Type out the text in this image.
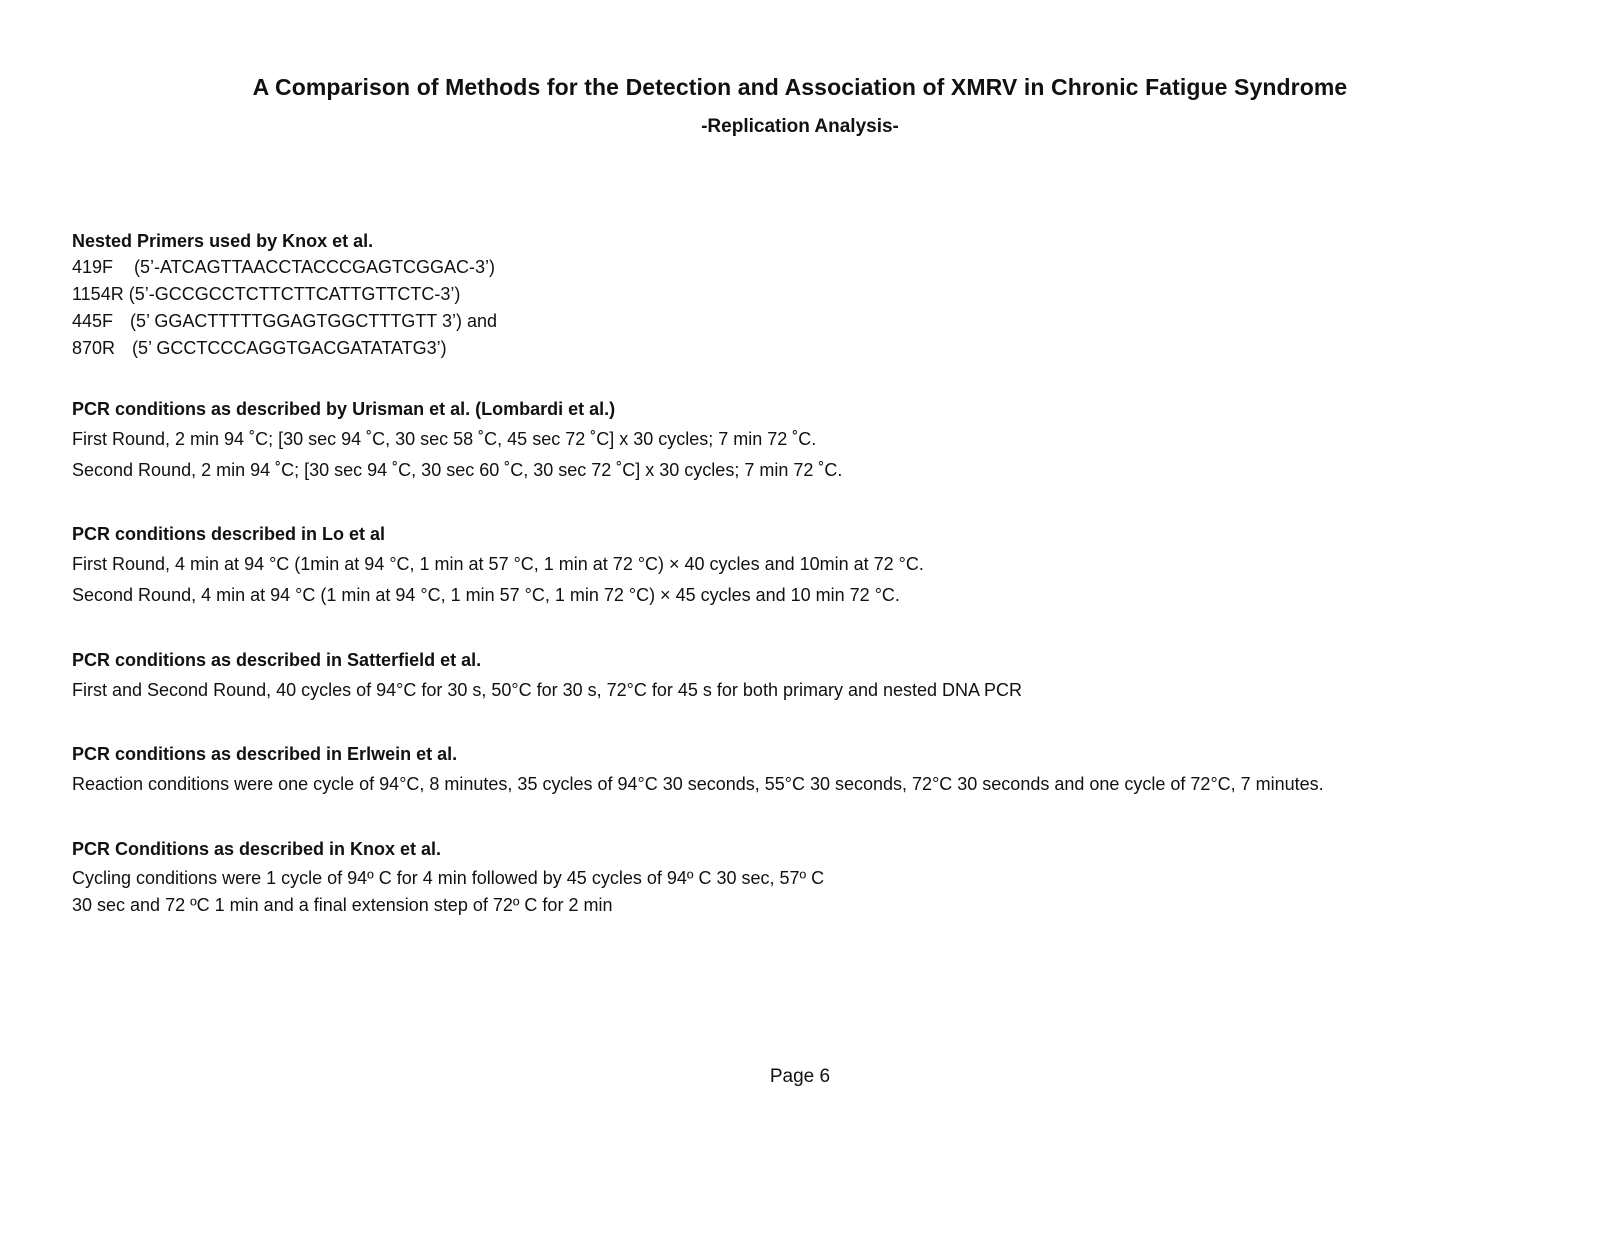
A Comparison of Methods for the Detection and Association of XMRV in Chronic Fatigue Syndrome
-Replication Analysis-
Nested Primers used by Knox et al.
419F (5’-ATCAGTTAACCTACCCGAGTCGGAC-3’)
1154R (5’-GCCGCCTCTTCTTCATTGTTCTC-3’)
445F (5’ GGACTTTTTGGAGTGGCTTTGTT 3’) and
870R (5’ GCCTCCCAGGTGACGATATATG3’)
PCR conditions as described by Urisman et al. (Lombardi et al.)
First Round, 2 min 94 ˚C; [30 sec 94 ˚C, 30 sec 58 ˚C, 45 sec 72 ˚C] x 30 cycles; 7 min 72 ˚C.
Second Round, 2 min 94 ˚C; [30 sec 94 ˚C, 30 sec 60 ˚C, 30 sec 72 ˚C] x 30 cycles; 7 min 72 ˚C.
PCR conditions described in Lo et al
First Round, 4 min at 94 °C (1min at 94 °C, 1 min at 57 °C, 1 min at 72 °C) × 40 cycles and 10min at 72 °C.
Second Round, 4 min at 94 °C (1 min at 94 °C, 1 min 57 °C, 1 min 72 °C) × 45 cycles and 10 min 72 °C.
PCR conditions as described in Satterfield et al.
First and Second Round, 40 cycles of 94°C for 30 s, 50°C for 30 s, 72°C for 45 s for both primary and nested DNA PCR
PCR conditions as described in Erlwein et al.
Reaction conditions were one cycle of 94°C, 8 minutes, 35 cycles of 94°C 30 seconds, 55°C 30 seconds, 72°C 30 seconds and one cycle of 72°C, 7 minutes.
PCR Conditions as described in Knox et al.
Cycling conditions were 1 cycle of 94º C for 4 min followed by 45 cycles of 94º C 30 sec, 57º C
30 sec and 72 ºC 1 min and a final extension step of 72º C for 2 min
Page 6
